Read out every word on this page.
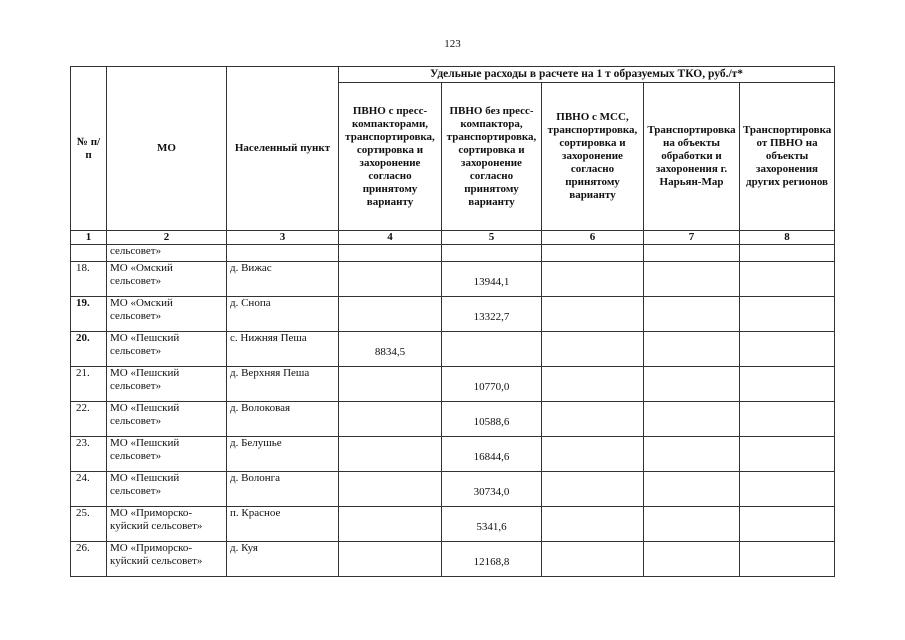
123
№ п/п	МО	Населенный пункт	Удельные расходы в расчете на 1 т образуемых ТКО, руб./т*				
			ПВНО с пресс-компакторами, транспортировка, сортировка и захоронение согласно принятому варианту	ПВНО без пресс-компактора, транспортировка, сортировка и захоронение согласно принятому варианту	ПВНО с МСС, транспортировка, сортировка и захоронение согласно принятому варианту	Транспортировка на объекты обработки и захоронения г. Нарьян-Мар	Транспортировка от ПВНО на объекты захоронения других регионов
1	2	3	4	5	6	7	8
	сельсовет»						
18.	МО «Омский сельсовет»	д. Вижас		13944,1			
19.	МО «Омский сельсовет»	д. Снопа		13322,7			
20.	МО «Пешский сельсовет»	с. Нижняя Пеша	8834,5				
21.	МО «Пешский сельсовет»	д. Верхняя Пеша		10770,0			
22.	МО «Пешский сельсовет»	д. Волоковая		10588,6			
23.	МО «Пешский сельсовет»	д. Белушье		16844,6			
24.	МО «Пешский сельсовет»	д. Волонга		30734,0			
25.	МО «Приморско-куйский сельсовет»	п. Красное		5341,6			
26.	МО «Приморско-куйский сельсовет»	д. Куя		12168,8			
